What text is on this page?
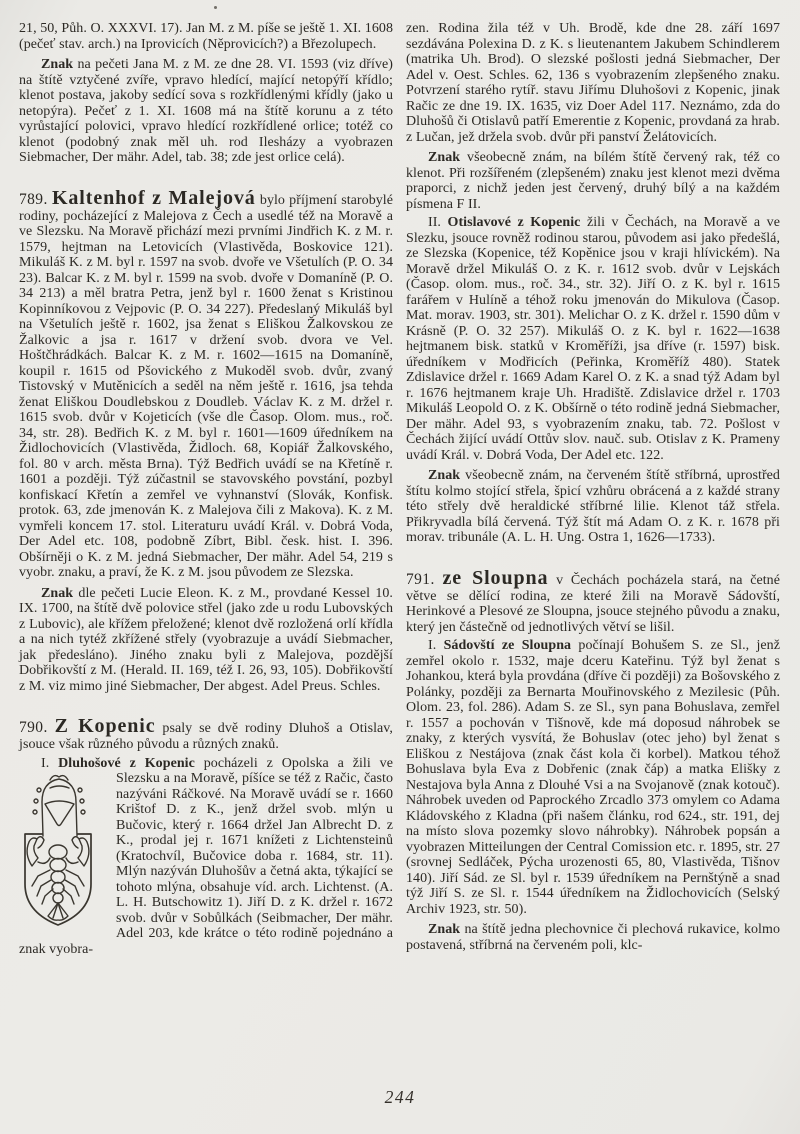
21, 50, Půh. O. XXXVI. 17). Jan M. z M. píše se ještě 1. XI. 1608 (pečeť stav. arch.) na Iprovicích (Něprovicích?) a Březolupech.

Znak na pečeti Jana M. z M. ze dne 28. VI. 1593 (viz dříve) na štítě vztyčené zvíře, vpravo hledící, mající netopýří křídlo; klenot postava, jakoby sedící sova s rozkřídlenými křídly (jako u netopýra). Pečeť z 1. XI. 1608 má na štítě korunu a z této vyrůstající polovici, vpravo hledící rozkřídlené orlice; totéž co klenot (podobný znak měl uh. rod Ilesházy a vyobrazen Siebmacher, Der mähr. Adel, tab. 38; zde jest orlice celá).

789. Kaltenhof z Malejová bylo příjmení starobylé rodiny, pocházející z Malejova z Čech a usedlé též na Moravě a ve Slezsku. Na Moravě přichází mezi prvními Jindřich K. z M. r. 1579, hejtman na Letovicích (Vlastivěda, Boskovice 121). Mikuláš K. z M. byl r. 1597 na svob. dvoře ve Všetulích (P. O. 34 23). Balcar K. z M. byl r. 1599 na svob. dvoře v Domaníně (P. O. 34 213) a měl bratra Petra, jenž byl r. 1600 ženat s Kristinou Kopinníkovou z Vejpovic (P. O. 34 227). Předeslaný Mikuláš byl na Všetulích ještě r. 1602, jsa ženat s Eliškou Žalkovskou ze Žalkovic a jsa r. 1617 v držení svob. dvora ve Vel. Hoštčhrádkách. Balcar K. z M. r. 1602—1615 na Domaníně, koupil r. 1615 od Pšovického z Mukoděl svob. dvůr, zvaný Tistovský v Mutěnicích a seděl na něm ještě r. 1616, jsa tehda ženat Eliškou Doudlebskou z Doudleb. Václav K. z M. držel r. 1615 svob. dvůr v Kojeticích (vše dle Časop. Olom. mus., roč. 34, str. 28). Bedřich K. z M. byl r. 1601—1609 úředníkem na Židlochovicích (Vlastivěda, Židloch. 68, Kopiář Žalkovského, fol. 80 v arch. města Brna). Týž Bedřich uvádí se na Křetíně r. 1601 a později. Týž zúčastnil se stavovského povstání, pozbyl konfiskací Křetín a zemřel ve vyhnanství (Slovák, Konfisk. protok. 63, zde jmenován K. z Malejova čili z Makova). K. z M. vymřeli koncem 17. stol. Literaturu uvádí Král. v. Dobrá Voda, Der Adel etc. 108, podobně Zíbrt, Bibl. česk. hist. I. 396. Obšírněji o K. z M. jedná Siebmacher, Der mähr. Adel 54, 219 s vyobr. znaku, a praví, že K. z M. jsou původem ze Slezska.

Znak dle pečeti Lucie Eleon. K. z M., provdané Kessel 10. IX. 1700, na štítě dvě polovice střel (jako zde u rodu Lubovských z Lubovic), ale křížem přeložené; klenot dvě rozložená orlí křídla a na nich tytéž zkřížené střely (vyobrazuje a uvádí Siebmacher, jak předesláno). Jiného znaku byli z Malejova, pozdější Dobřikovští z M. (Herald. II. 169, též I. 26, 93, 105). Dobřikovští z M. viz mimo jiné Siebmacher, Der abgest. Adel Preus. Schles.

790. Z Kopenic psaly se dvě rodiny Dluhoš a Otislav, jsouce však různého původu a různých znaků.

I. Dluhošové z Kopenic pocházeli z Opolska a žili ve
Slezsku a na Moravě, píšíce se též z Račic, často nazýváni Ráčkové. Na Moravě uvádí se r. 1660 Krištof D. z K., jenž držel svob. mlýn u Bučovic, který r. 1664 držel Jan Albrecht D. z K., prodal jej r. 1671 knížeti z Lichtensteinů (Kratochvíl, Bučovice doba r. 1684, str. 11). Mlýn nazýván Dluhošův a četná akta, týkající se tohoto mlýna, obsahuje víd. arch. Lichtenst. (A. L. H. Butschowitz 1). Jiří D. z K. držel r. 1672 svob. dvůr v Sobůlkách (Seibmacher, Der mähr. Adel 203, kde krátce o této rodině pojednáno a znak vyobra-

zen. Rodina žila též v Uh. Brodě, kde dne 28. září 1697 sezdávána Polexina D. z K. s lieutenantem Jakubem Schindlerem (matrika Uh. Brod). O slezské pošlosti jedná Siebmacher, Der Adel v. Oest. Schles. 62, 136 s vyobrazením zlepšeného znaku. Potvrzení starého rytíř. stavu Jiřímu Dluhošovi z Kopenic, jinak Račic ze dne 19. IX. 1635, viz Doer Adel 117. Neznámo, zda do Dluhošů či Otislavů patří Emerentie z Kopenic, provdaná za hrab. z Lučan, jež držela svob. dvůr při panství Želátovicích.

Znak všeobecně znám, na bílém štítě červený rak, též co klenot. Při rozšířeném (zlepšeném) znaku jest klenot mezi dvěma praporci, z nichž jeden jest červený, druhý bílý a na každém písmena F II.

II. Otislavové z Kopenic žili v Čechách, na Moravě a ve Slezku, jsouce rovněž rodinou starou, původem asi jako předešlá, ze Slezska (Kopenice, též Kopěnice jsou v kraji hlívickém). Na Moravě držel Mikuláš O. z K. r. 1612 svob. dvůr v Lejskách (Časop. olom. mus., roč. 34., str. 32). Jiří O. z K. byl r. 1615 farářem v Hulíně a téhož roku jmenován do Mikulova (Časop. Mat. morav. 1903, str. 301). Melichar O. z K. držel r. 1590 dům v Krásně (P. O. 32 257). Mikuláš O. z K. byl r. 1622—1638 hejtmanem bisk. statků v Kroměříži, jsa dříve (r. 1597) bisk. úředníkem v Modřicích (Peřinka, Kroměříž 480). Statek Zdislavice držel r. 1669 Adam Karel O. z K. a snad týž Adam byl r. 1676 hejtmanem kraje Uh. Hradiště. Zdislavice držel r. 1703 Mikuláš Leopold O. z K. Obšírně o této rodině jedná Siebmacher, Der mähr. Adel 93, s vyobrazením znaku, tab. 72. Pošlost v Čechách žijící uvádí Ottův slov. nauč. sub. Otislav z K. Prameny uvádí Král. v. Dobrá Voda, Der Adel etc. 122.

Znak všeobecně znám, na červeném štítě stříbrná, uprostřed štítu kolmo stojící střela, špicí vzhůru obrácená a z každé strany této střely dvě heraldické stříbrné lilie. Klenot táž střela. Přikryvadla bílá červená. Týž štít má Adam O. z K. r. 1678 při morav. tribunále (A. L. H. Ung. Ostra 1, 1626—1733).

791. ze Sloupna v Čechách pocházela stará, na četné větve se dělící rodina, ze které žili na Moravě Sádovští, Herinkové a Plesové ze Sloupna, jsouce stejného původu a znaku, který jen částečně od jednotlivých větví se lišil.

I. Sádovští ze Sloupna počínají Bohušem S. ze Sl., jenž zemřel okolo r. 1532, maje dceru Kateřinu. Týž byl ženat s Johankou, která byla provdána (dříve či později) za Bošovského z Polánky, později za Bernarta Mouřinovského z Mezilesic (Půh. Olom. 23, fol. 286). Adam S. ze Sl., syn pana Bohuslava, zemřel r. 1557 a pochován v Tišnově, kde má doposud náhrobek se znaky, z kterých vysvítá, že Bohuslav (otec jeho) byl ženat s Eliškou z Nestájova (znak část kola či korbel). Matkou téhož Bohuslava byla Eva z Dobřenic (znak čáp) a matka Elišky z Nestajova byla Anna z Dlouhé Vsi a na Svojanově (znak kotouč). Náhrobek uveden od Paprockého Zrcadlo 373 omylem co Adama Kládovského z Kladna (při našem článku, rod 624., str. 191, dej na místo slova pozemky slovo náhrobky). Náhrobek popsán a vyobrazen Mitteilungen der Central Comission etc. r. 1895, str. 27 (srovnej Sedláček, Pýcha urozenosti 65, 80, Vlastivěda, Tišnov 140). Jiří Sád. ze Sl. byl r. 1539 úředníkem na Pernštýně a snad týž Jiří S. ze Sl. r. 1544 úředníkem na Židlochovicích (Selský Archiv 1923, str. 50).

Znak na štítě jedna plechovnice či plechová rukavice, kolmo postavená, stříbrná na červeném poli, klc-

244
